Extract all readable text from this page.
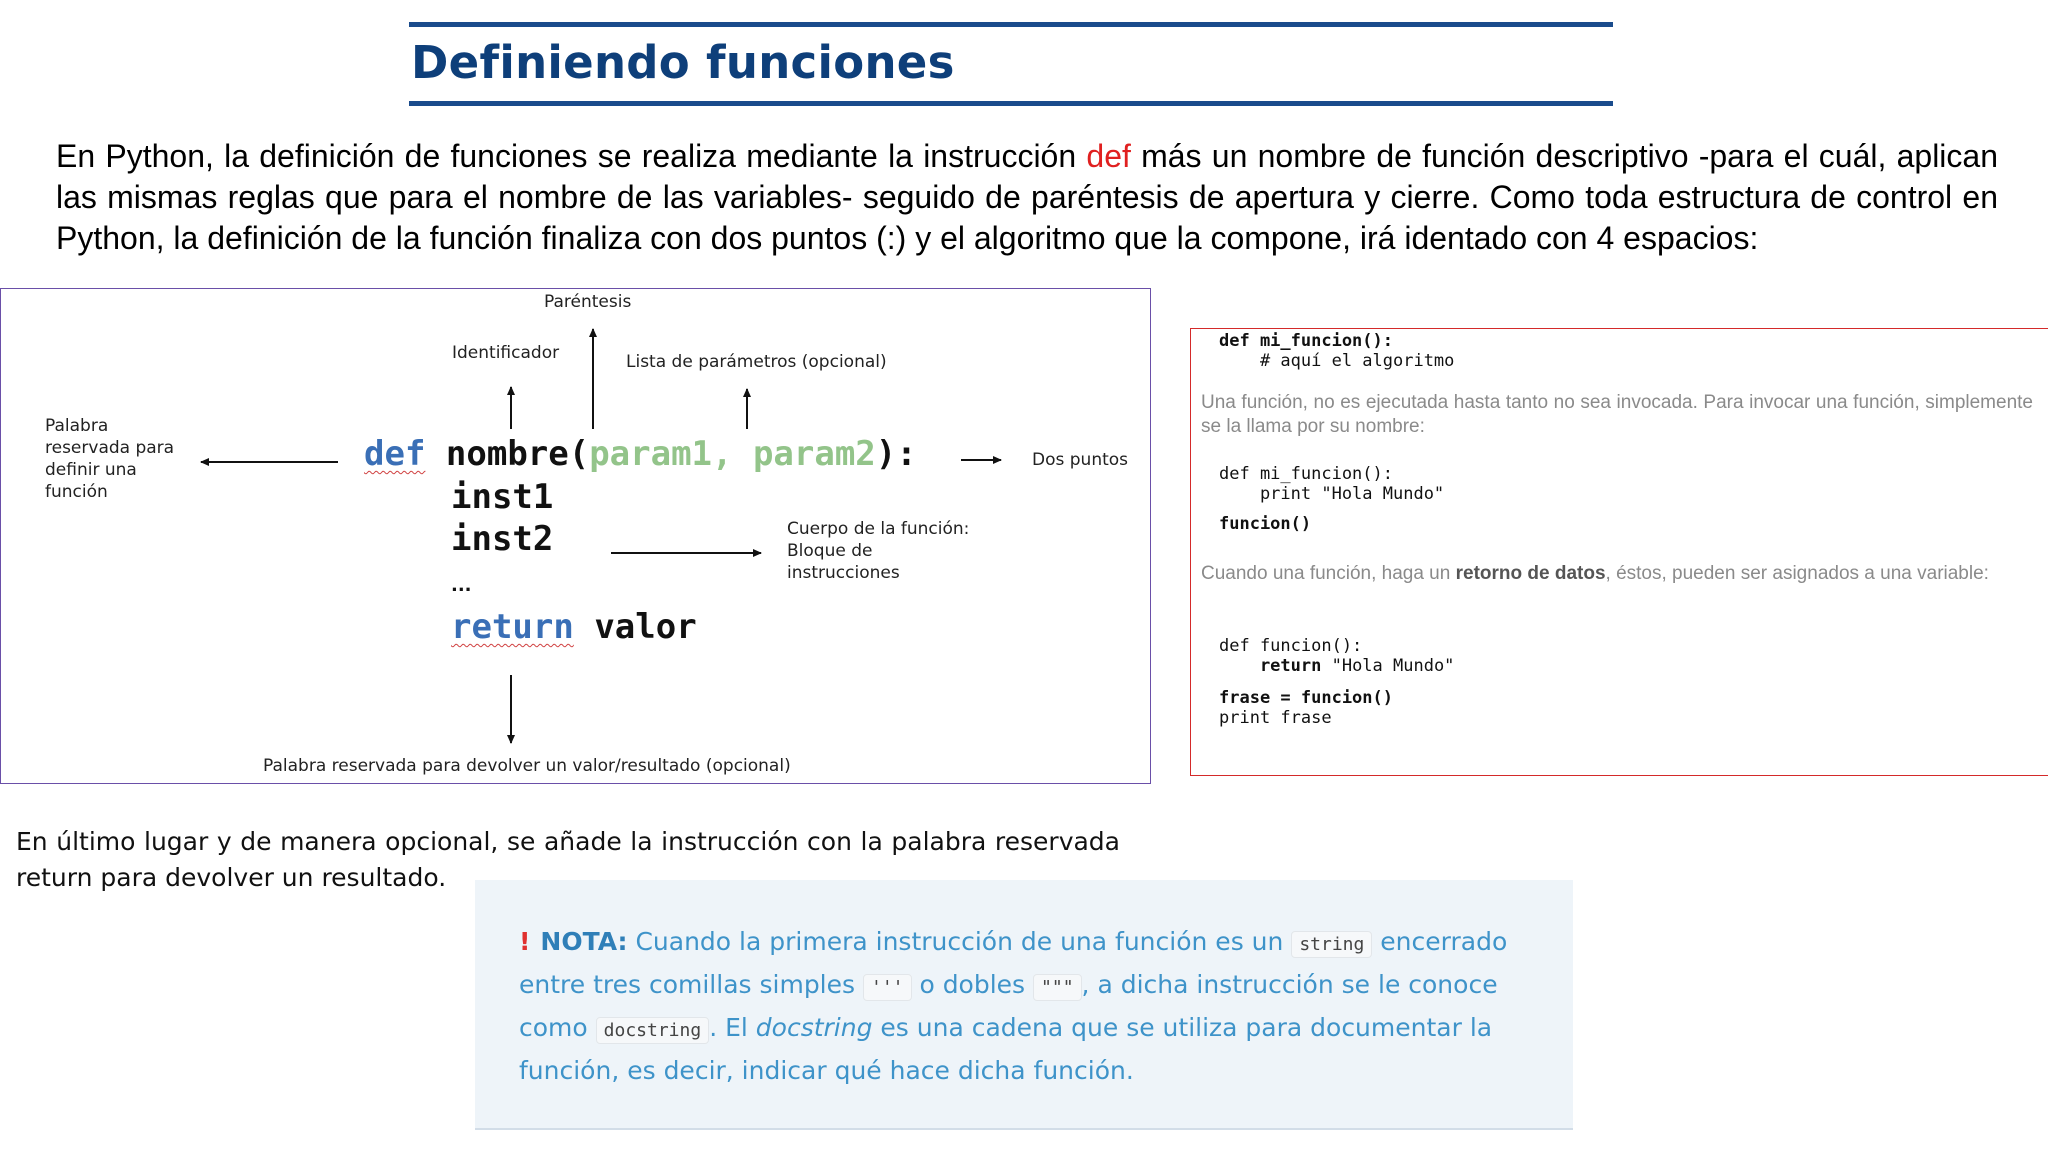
Definiendo funciones
En Python, la definición de funciones se realiza mediante la instrucción def más un nombre de función descriptivo -para el cuál, aplican las mismas reglas que para el nombre de las variables- seguido de paréntesis de apertura y cierre. Como toda estructura de control en Python, la definición de la función finaliza con dos puntos (:) y el algoritmo que la compone, irá identado con 4 espacios:
Paréntesis
Identificador	Lista de parámetros (opcional)
Palabra
reservada para
definir una
función
Dos puntos
Cuerpo de la función:
Bloque de
instrucciones
Palabra reservada para devolver un valor/resultado (opcional)
def nombre(param1, param2):
inst1
inst2
...
return valor
def mi_funcion():
# aquí el algoritmo
Una función, no es ejecutada hasta tanto no sea invocada. Para invocar una función, simplemente se la llama por su nombre:
def mi_funcion():
print "Hola Mundo"
funcion()
Cuando una función, haga un retorno de datos, éstos, pueden ser asignados a una variable:
def funcion():
return "Hola Mundo"
frase = funcion()
print frase
En último lugar y de manera opcional, se añade la instrucción con la palabra reservada return para devolver un resultado.
! NOTA: Cuando la primera instrucción de una función es un string encerrado entre tres comillas simples ''' o dobles """ , a dicha instrucción se le conoce como docstring . El docstring es una cadena que se utiliza para documentar la función, es decir, indicar qué hace dicha función.
